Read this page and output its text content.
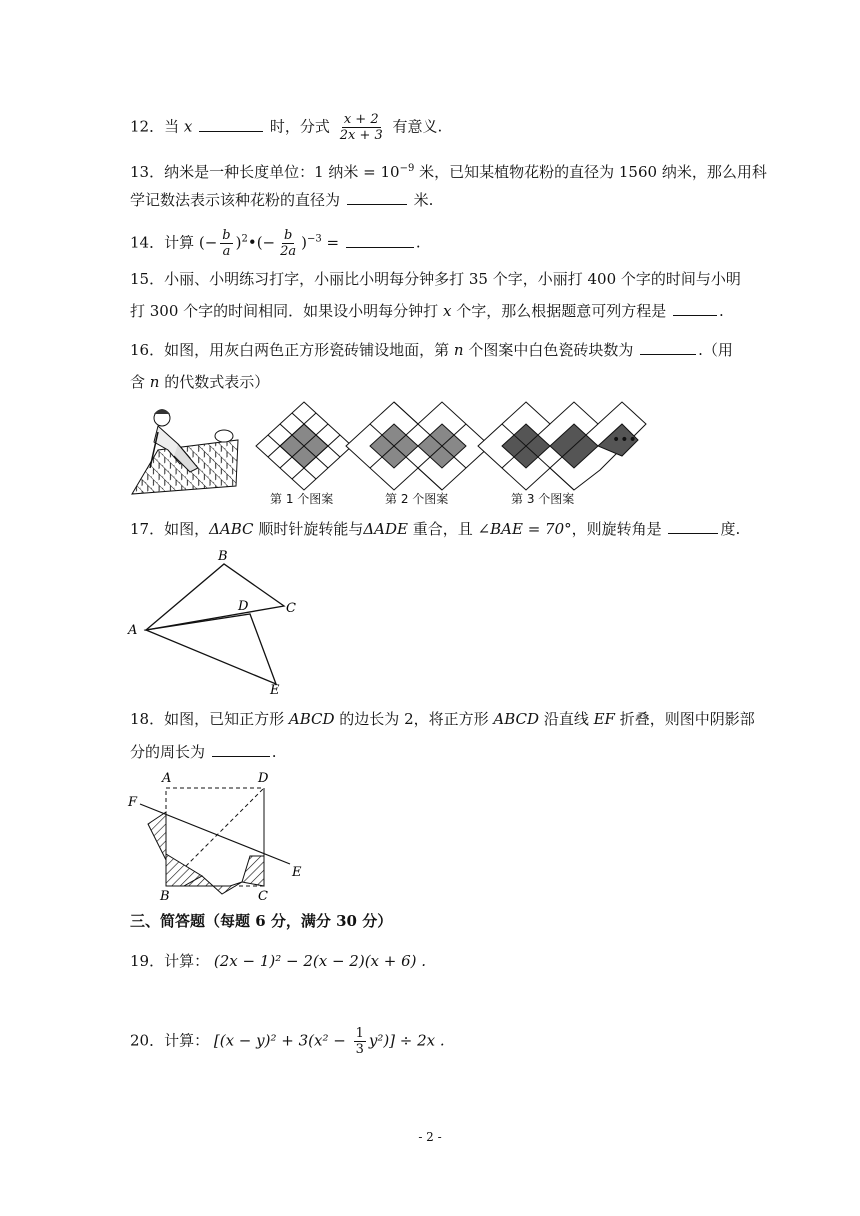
12．当 x	时，分式 $\frac{x + 2}{2x + 3}$ 有意义.
13．纳米是一种长度单位：1 纳米 = $10^{-9}$ 米，已知某植物花粉的直径为 1560 纳米，那么用科
学记数法表示该种花粉的直径为	米.
14．计算 (− $\frac{b}{a}$ )$^2$•(− $\frac{b}{2a} )^{-3}$ =	.
15．小丽、小明练习打字，小丽比小明每分钟多打 35 个字，小丽打 400 个字的时间与小明
打 300 个字的时间相同．如果设小明每分钟打 x 个字，那么根据题意可列方程是	.
16．如图，用灰白两色正方形瓷砖铺设地面，第 n 个图案中白色瓷砖块数为	.（用
含 n 的代数式表示）
第 1 个图案	第 2 个图案	第 3 个图案
•••
17．如图，ΔABC 顺时针旋转能与ΔADE 重合，且 ∠BAE = 70°，则旋转角是	度.
B
C
D
A
E
18．如图，已知正方形 ABCD 的边长为 2，将正方形 ABCD 沿直线 EF 折叠，则图中阴影部
分的周长为	.
A	D
F
E
B	C
三、简答题（每题 6 分，满分 30 分）
19．计算： (2x − 1)² − 2(x − 2)(x + 6) .
20．计算： $[(x - y)^2 + 3(x^2 - \frac{1}{3} y^2)] \div 2x$ .
- 2 -
